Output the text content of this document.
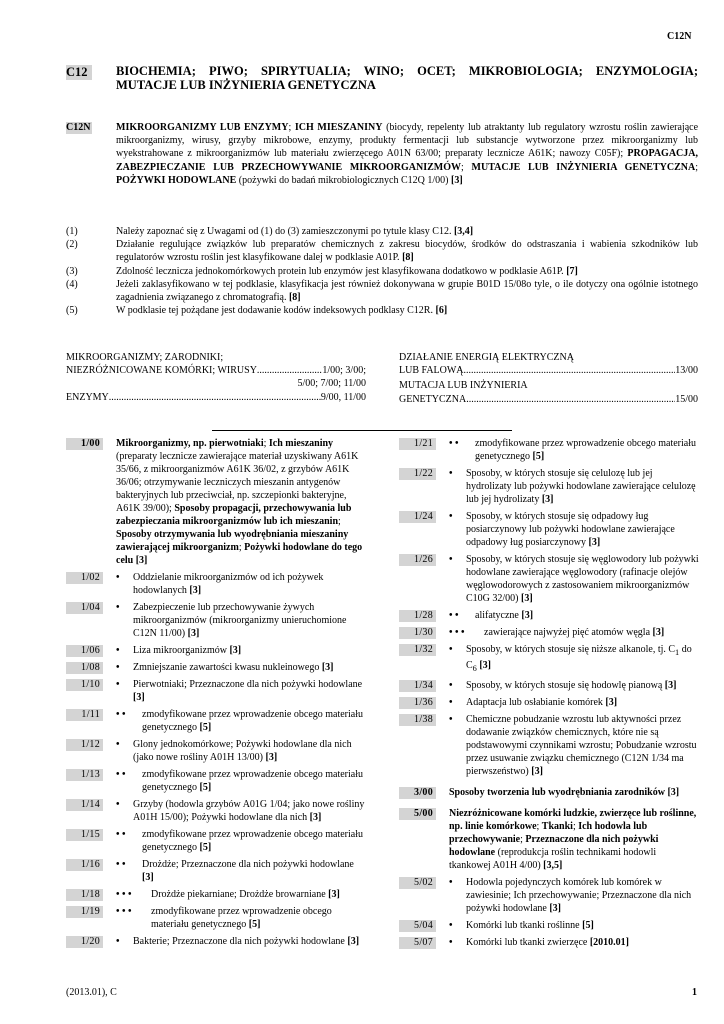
C12N
C12	BIOCHEMIA; PIWO; SPIRYTUALIA; WINO; OCET; MIKROBIOLOGIA; ENZYMOLOGIA; MUTACJE LUB INŻYNIERIA GENETYCZNA
C12N	MIKROORGANIZMY LUB ENZYMY; ICH MIESZANINY (biocydy, repelenty lub atraktanty lub regulatory wzrostu roślin zawierające mikroorganizmy, wirusy, grzyby mikrobowe, enzymy, produkty fermentacji lub substancje wytworzone przez mikroorganizmy lub wyekstrahowane z mikroorganizmów lub materiału zwierzęcego A01N 63/00; preparaty lecznicze A61K; nawozy C05F); PROPAGACJA, ZABEZPIECZANIE LUB PRZECHOWYWANIE MIKROORGANIZMÓW; MUTACJE LUB INŻYNIERIA GENETYCZNA; POŻYWKI HODOWLANE (pożywki do badań mikrobiologicznych C12Q 1/00) [3]
(1)	Należy zapoznać się z Uwagami od (1) do (3) zamieszczonymi po tytule klasy C12. [3,4]
(2)	Działanie regulujące związków lub preparatów chemicznych z zakresu biocydów, środków do odstraszania i wabienia szkodników lub regulatorów wzrostu roślin jest klasyfikowane dalej w podklasie A01P. [8]
(3)	Zdolność lecznicza jednokomórkowych protein lub enzymów jest klasyfikowana dodatkowo w podklasie A61P. [7]
(4)	Jeżeli zaklasyfikowano w tej podklasie, klasyfikacja jest również dokonywana w grupie B01D 15/08o tyle, o ile dotyczy ona ogólnie istotnego zagadnienia związanego z chromatografią. [8]
(5)	W podklasie tej pożądane jest dodawanie kodów indeksowych podklasy C12R. [6]
MIKROORGANIZMY; ZARODNIKI;
NIEZRÓŻNICOWANE KOMÓRKI; WIRUSY .....	1/00; 3/00;
5/00; 7/00; 11/00
ENZYMY .....	9/00, 11/00
DZIAŁANIE ENERGIĄ ELEKTRYCZNĄ
LUB FALOWĄ .....	13/00
MUTACJA LUB INŻYNIERIA
GENETYCZNA .....	15/00
1/00	Mikroorganizmy, np. pierwotniaki; Ich mieszaniny (preparaty lecznicze zawierające materiał uzyskiwany A61K 35/66, z mikroorganizmów A61K 36/02, z grzybów A61K 36/06; otrzymywanie leczniczych mieszanin antygenów bakteryjnych lub przeciwciał, np. szczepionki bakteryjne, A61K 39/00); Sposoby propagacji, przechowywania lub zabezpieczania mikroorganizmów lub ich mieszanin; Sposoby otrzymywania lub wyodrębniania mieszaniny zawierającej mikroorganizm; Pożywki hodowlane do tego celu [3]
1/02	• Oddzielanie mikroorganizmów od ich pożywek hodowlanych [3]
1/04	• Zabezpieczenie lub przechowywanie żywych mikroorganizmów (mikroorganizmy unieruchomione C12N 11/00) [3]
1/06	• Liza mikroorganizmów [3]
1/08	• Zmniejszanie zawartości kwasu nukleinowego [3]
1/10	• Pierwotniaki; Przeznaczone dla nich pożywki hodowlane [3]
1/11	• • zmodyfikowane przez wprowadzenie obcego materiału genetycznego [5]
1/12	• Glony jednokomórkowe; Pożywki hodowlane dla nich (jako nowe rośliny A01H 13/00) [3]
1/13	• • zmodyfikowane przez wprowadzenie obcego materiału genetycznego [5]
1/14	• Grzyby (hodowla grzybów A01G 1/04; jako nowe rośliny A01H 15/00); Pożywki hodowlane dla nich [3]
1/15	• • zmodyfikowane przez wprowadzenie obcego materiału genetycznego [5]
1/16	• • Drożdże; Przeznaczone dla nich pożywki hodowlane [3]
1/18	• • • Drożdże piekarniane; Drożdże browarniane [3]
1/19	• • • zmodyfikowane przez wprowadzenie obcego materiału genetycznego [5]
1/20	• Bakterie; Przeznaczone dla nich pożywki hodowlane [3]
1/21	• • zmodyfikowane przez wprowadzenie obcego materiału genetycznego [5]
1/22	• Sposoby, w których stosuje się celulozę lub jej hydrolizaty lub pożywki hodowlane zawierające celulozę lub jej hydrolizaty [3]
1/24	• Sposoby, w których stosuje się odpadowy ług posiarczynowy lub pożywki hodowlane zawierające odpadowy ług posiarczynowy [3]
1/26	• Sposoby, w których stosuje się węglowodory lub pożywki hodowlane zawierające węglowodory (rafinacje olejów węglowodorowych z zastosowaniem mikroorganizmów C10G 32/00) [3]
1/28	• • alifatyczne [3]
1/30	• • • zawierające najwyżej pięć atomów węgla [3]
1/32	• Sposoby, w których stosuje się niższe alkanole, tj. $C_1$ do $C_6$ [3]
1/34	• Sposoby, w których stosuje się hodowlę pianową [3]
1/36	• Adaptacja lub osłabianie komórek [3]
1/38	• Chemiczne pobudzanie wzrostu lub aktywności przez dodawanie związków chemicznych, które nie są podstawowymi czynnikami wzrostu; Pobudzanie wzrostu przez usuwanie związku chemicznego (C12N 1/34 ma pierwszeństwo) [3]
3/00	Sposoby tworzenia lub wyodrębniania zarodników [3]
5/00	Niezróżnicowane komórki ludzkie, zwierzęce lub roślinne, np. linie komórkowe; Tkanki; Ich hodowla lub przechowywanie; Przeznaczone dla nich pożywki hodowlane (reprodukcja roślin technikami hodowli tkankowej A01H 4/00) [3,5]
5/02	• Hodowla pojedynczych komórek lub komórek w zawiesinie; Ich przechowywanie; Przeznaczone dla nich pożywki hodowlane [3]
5/04	• Komórki lub tkanki roślinne [5]
5/07	• Komórki lub tkanki zwierzęce [2010.01]
(2013.01), C	1
